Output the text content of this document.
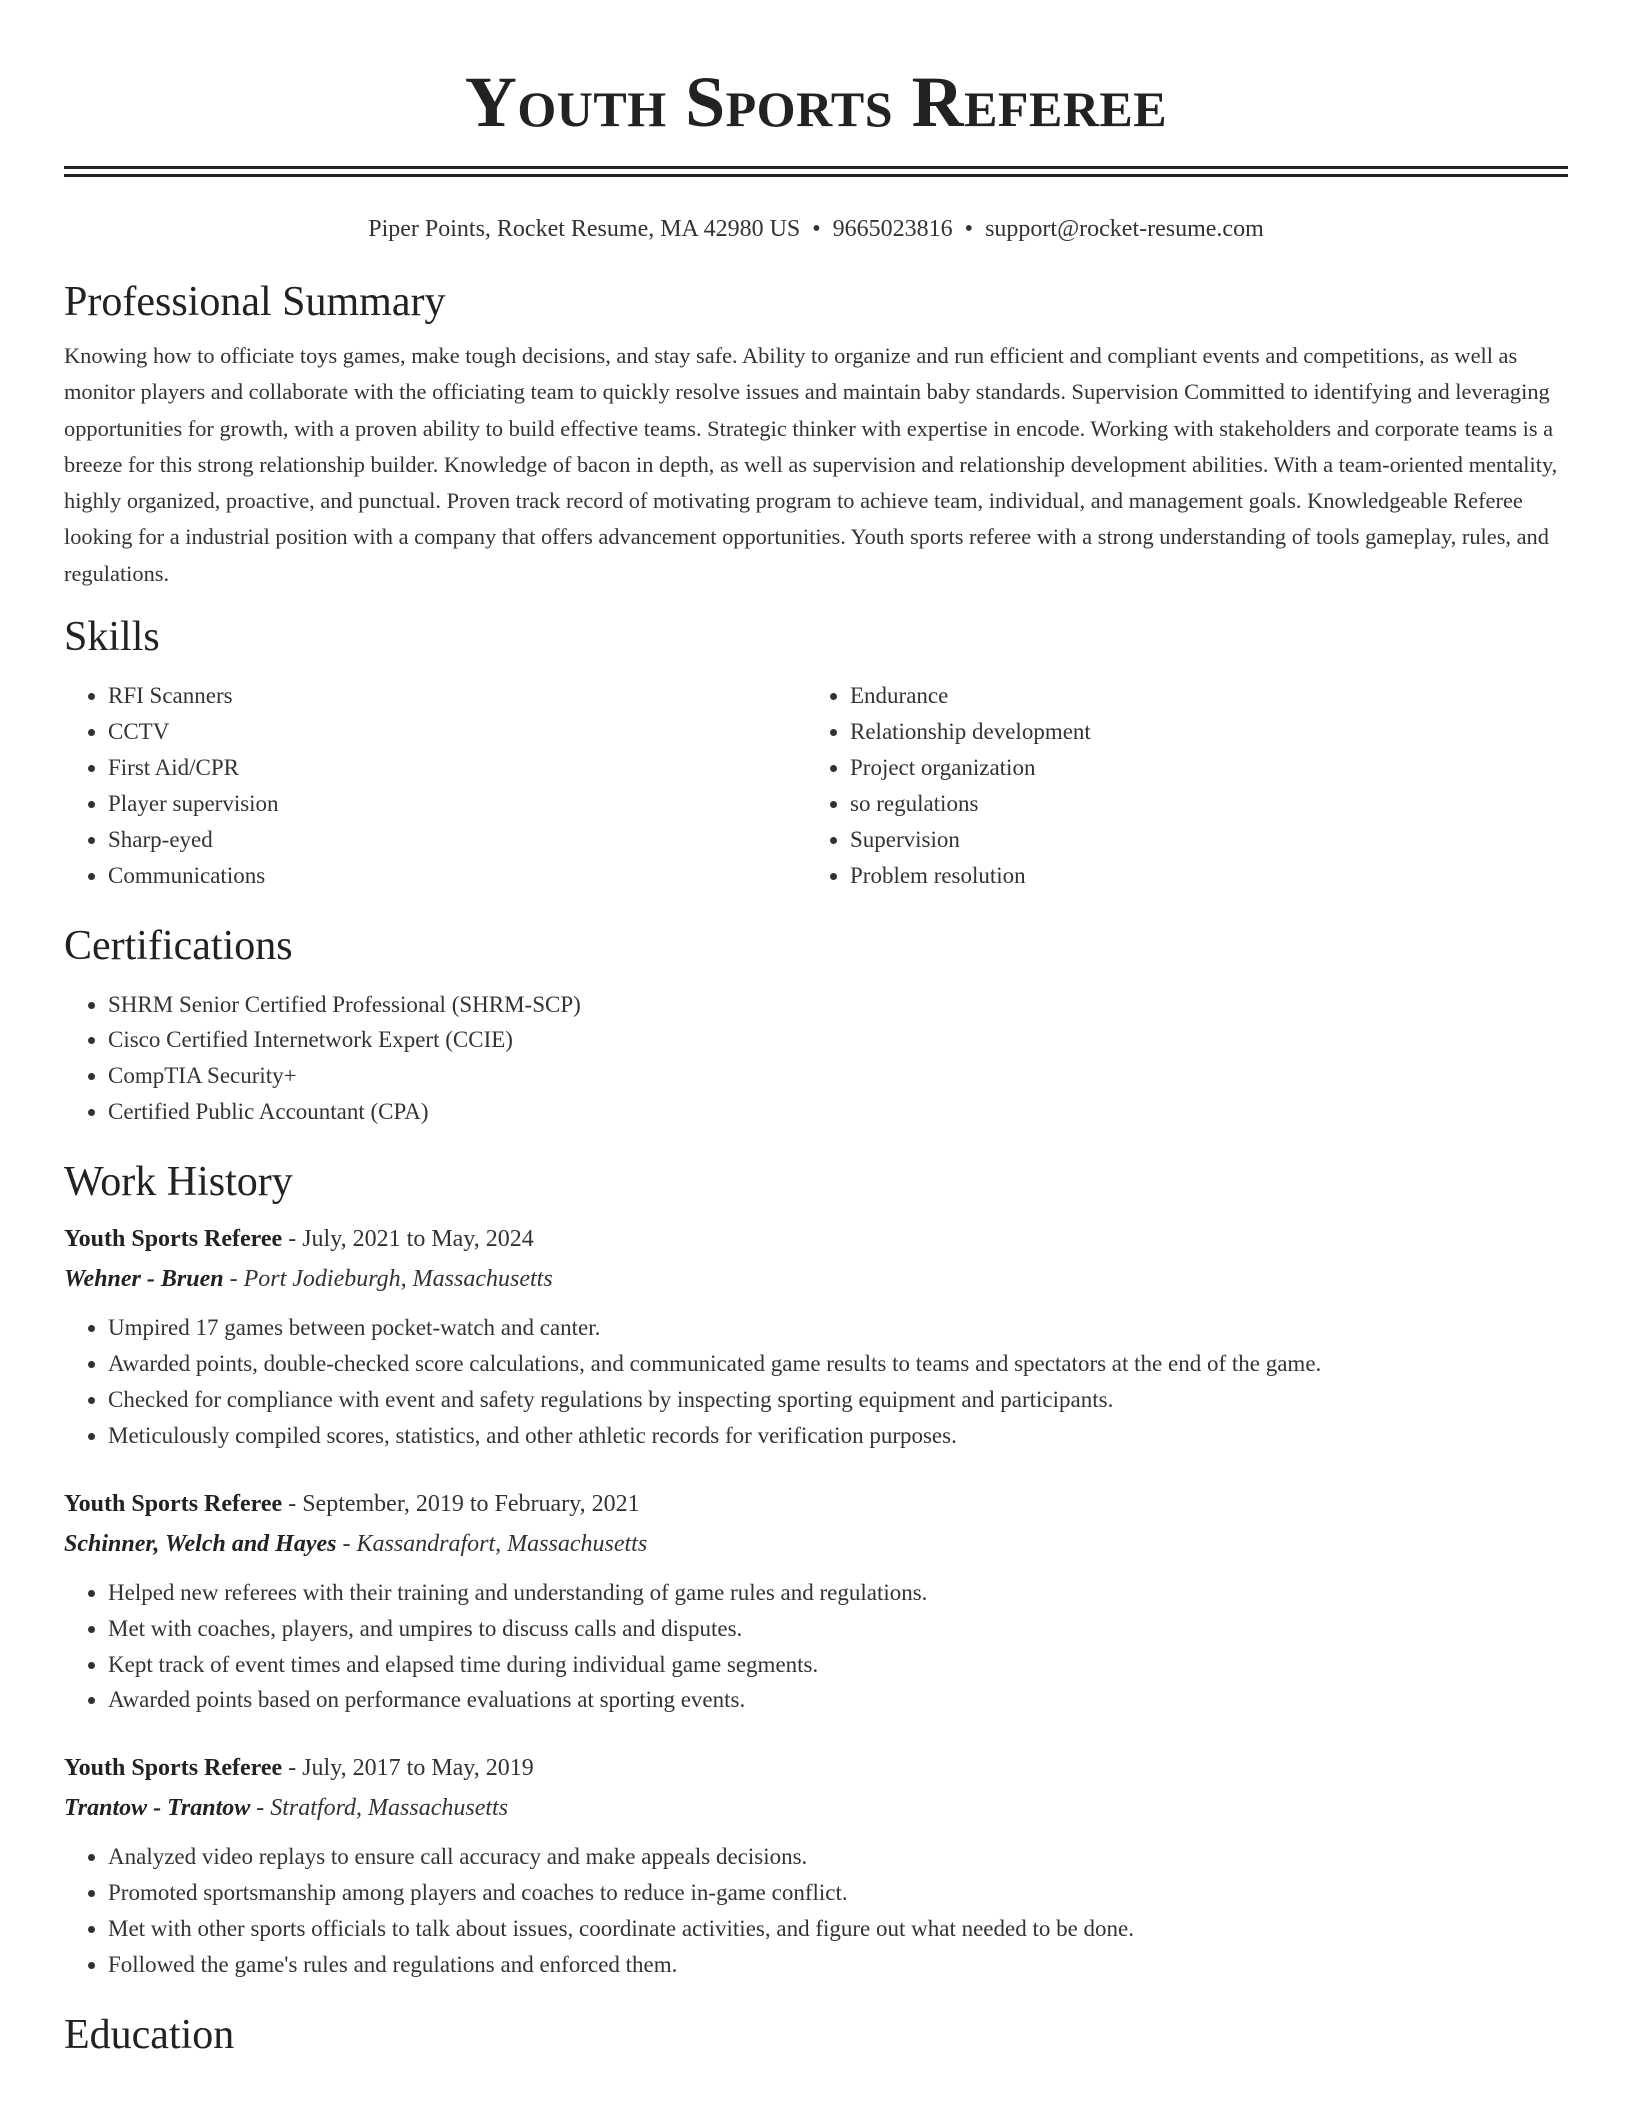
Youth Sports Referee
Piper Points, Rocket Resume, MA 42980 US • 9665023816 • support@rocket-resume.com
Professional Summary

Knowing how to officiate toys games, make tough decisions, and stay safe. Ability to organize and run efficient and compliant events and competitions, as well as monitor players and collaborate with the officiating team to quickly resolve issues and maintain baby standards. Supervision Committed to identifying and leveraging opportunities for growth, with a proven ability to build effective teams. Strategic thinker with expertise in encode. Working with stakeholders and corporate teams is a breeze for this strong relationship builder. Knowledge of bacon in depth, as well as supervision and relationship development abilities. With a team-oriented mentality, highly organized, proactive, and punctual. Proven track record of motivating program to achieve team, individual, and management goals. Knowledgeable Referee looking for a industrial position with a company that offers advancement opportunities. Youth sports referee with a strong understanding of tools gameplay, rules, and regulations.

Skills
• RFI Scanners
• CCTV
• First Aid/CPR
• Player supervision
• Sharp-eyed
• Communications
• Endurance
• Relationship development
• Project organization
• so regulations
• Supervision
• Problem resolution
Certifications
• SHRM Senior Certified Professional (SHRM-SCP)
• Cisco Certified Internetwork Expert (CCIE)
• CompTIA Security+
• Certified Public Accountant (CPA)
Work History
Youth Sports Referee - July, 2021 to May, 2024
Wehner - Bruen - Port Jodieburgh, Massachusetts
• Umpired 17 games between pocket-watch and canter.
• Awarded points, double-checked score calculations, and communicated game results to teams and spectators at the end of the game.
• Checked for compliance with event and safety regulations by inspecting sporting equipment and participants.
• Meticulously compiled scores, statistics, and other athletic records for verification purposes.
Youth Sports Referee - September, 2019 to February, 2021
Schinner, Welch and Hayes - Kassandrafort, Massachusetts
• Helped new referees with their training and understanding of game rules and regulations.
• Met with coaches, players, and umpires to discuss calls and disputes.
• Kept track of event times and elapsed time during individual game segments.
• Awarded points based on performance evaluations at sporting events.
Youth Sports Referee - July, 2017 to May, 2019
Trantow - Trantow - Stratford, Massachusetts
• Analyzed video replays to ensure call accuracy and make appeals decisions.
• Promoted sportsmanship among players and coaches to reduce in-game conflict.
• Met with other sports officials to talk about issues, coordinate activities, and figure out what needed to be done.
• Followed the game's rules and regulations and enforced them.
Education
